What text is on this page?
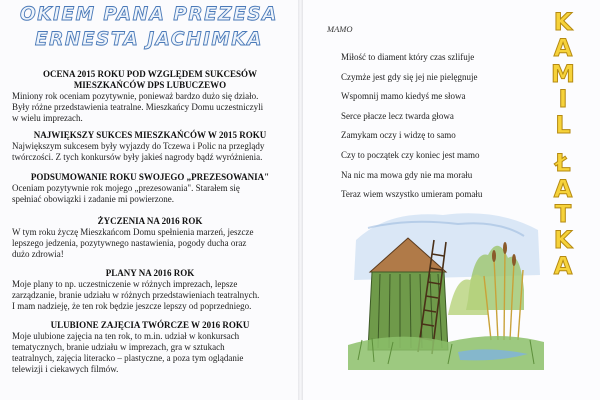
OKIEM PANA PREZESA
ERNESTA JACHIMKA

OCENA 2015 ROKU POD WZGLĘDEM SUKCESÓW

MIESZKAŃCÓW DPS LUBUCZEWO

Miniony rok oceniam pozytywnie, ponieważ bardzo dużo się działo.

Były różne przedstawienia teatralne. Mieszkańcy Domu uczestniczyli

w wielu imprezach.

NAJWIĘKSZY SUKCES MIESZKAŃCÓW W 2015 ROKU

Największym sukcesem były wyjazdy do Tczewa i Polic na przeglądy

twórczości. Z tych konkursów były jakieś nagrody bądź wyróżnienia.

PODSUMOWANIE ROKU SWOJEGO „PREZESOWANIA"

Oceniam pozytywnie rok mojego „prezesowania". Starałem się

spełniać obowiązki i zadanie mi powierzone.

ŻYCZENIA NA 2016 ROK

W tym roku życzę Mieszkańcom Domu spełnienia marzeń, jeszcze

lepszego jedzenia, pozytywnego nastawienia, pogody ducha oraz

dużo zdrowia!

PLANY NA 2016 ROK

Moje plany to np. uczestniczenie w różnych imprezach, lepsze

zarządzanie, branie udziału w różnych przedstawieniach teatralnych.

I mam nadzieję, że ten rok będzie jeszcze lepszy od poprzedniego.

ULUBIONE ZAJĘCIA TWÓRCZE W 2016 ROKU

Moje ulubione zajęcia na ten rok, to m.in. udział w konkursach

tematycznych, branie udziału w imprezach, gra w sztukach

teatralnych, zajęcia literacko – plastyczne, a poza tym oglądanie

telewizji i ciekawych filmów.

MAMO
Miłość to diament który czas szlifuje
Czymże jest gdy się jej nie pielęgnuje
Wspomnij mamo kiedyś me słowa
Serce płacze lecz twarda głowa
Zamykam oczy i widzę to samo
Czy to początek czy koniec jest mamo
Na nic ma mowa gdy nie ma morału
Teraz wiem wszystko umieram pomału
K
A
M
I
L
Ł
A
T
K
A
